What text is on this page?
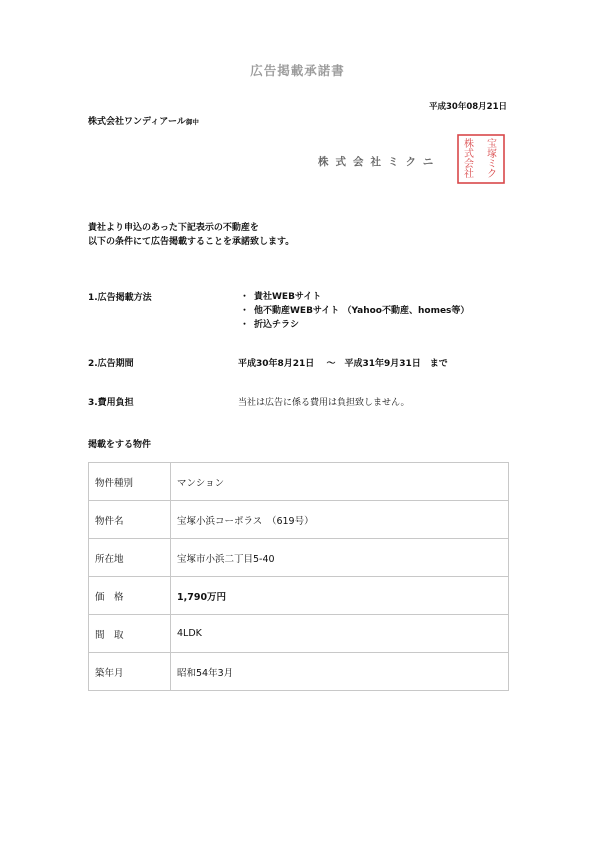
広告掲載承諾書
平成30年08月21日
株式会社ワンディアール御中
株式会社ミクニ
株 宝
式 塚
会 ミ
社 ク
貴社より申込のあった下記表示の不動産を
以下の条件にて広告掲載することを承諾致します。
1.広告掲載方法	・ 貴社WEBサイト
・ 他不動産WEBサイト （Yahoo不動産、homes等）
・ 折込チラシ
2.広告期間	平成30年8月21日　 ～　平成31年9月31日　まで
3.費用負担	当社は広告に係る費用は負担致しません。
掲載をする物件
物件種別	マンション
物件名	宝塚小浜コーポラス　（619号）
所在地	宝塚市小浜二丁目5-40
価　格	1,790万円
間　取	4LDK
築年月	昭和54年3月
